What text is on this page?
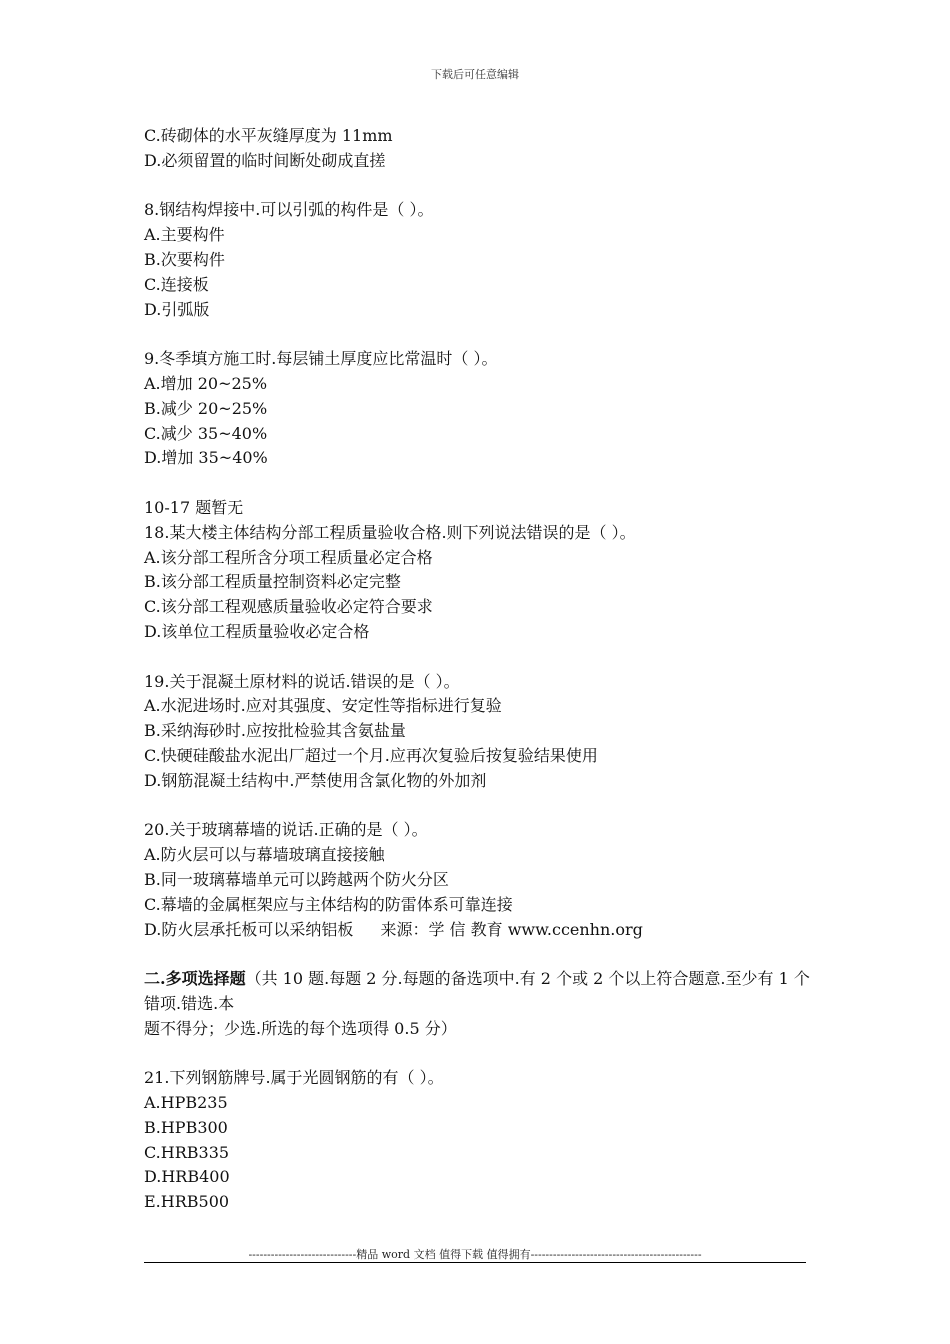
下载后可任意编辑
C.砖砌体的水平灰缝厚度为 11mm
D.必须留置的临时间断处砌成直搓
8.钢结构焊接中.可以引弧的构件是（ ）。
A.主要构件
B.次要构件
C.连接板
D.引弧版
9.冬季填方施工时.每层铺土厚度应比常温时（ ）。
A.增加 20~25%
B.减少 20~25%
C.减少 35~40%
D.增加 35~40%
10-17 题暂无
18.某大楼主体结构分部工程质量验收合格.则下列说法错误的是（ ）。
A.该分部工程所含分项工程质量必定合格
B.该分部工程质量控制资料必定完整
C.该分部工程观感质量验收必定符合要求
D.该单位工程质量验收必定合格
19.关于混凝土原材料的说话.错误的是（ ）。
A.水泥进场时.应对其强度、安定性等指标进行复验
B.采纳海砂时.应按批检验其含氨盐量
C.快硬硅酸盐水泥出厂超过一个月.应再次复验后按复验结果使用
D.钢筋混凝土结构中.严禁使用含氯化物的外加剂
20.关于玻璃幕墙的说话.正确的是（ ）。
A.防火层可以与幕墙玻璃直接接触
B.同一玻璃幕墙单元可以跨越两个防火分区
C.幕墙的金属框架应与主体结构的防雷体系可靠连接
D.防火层承托板可以采纳铝板 来源：学 信 教育 www.ccenhn.org
二.多项选择题（共 10 题.每题 2 分.每题的备选项中.有 2 个或 2 个以上符合题意.至少有 1 个错项.错选.本
题不得分；少选.所选的每个选项得 0.5 分）
21.下列钢筋牌号.属于光圆钢筋的有（ ）。
A.HPB235
B.HPB300
C.HRB335
D.HRB400
E.HRB500
-----------------------------精品 word 文档 值得下载 值得拥有----------------------------------------------
